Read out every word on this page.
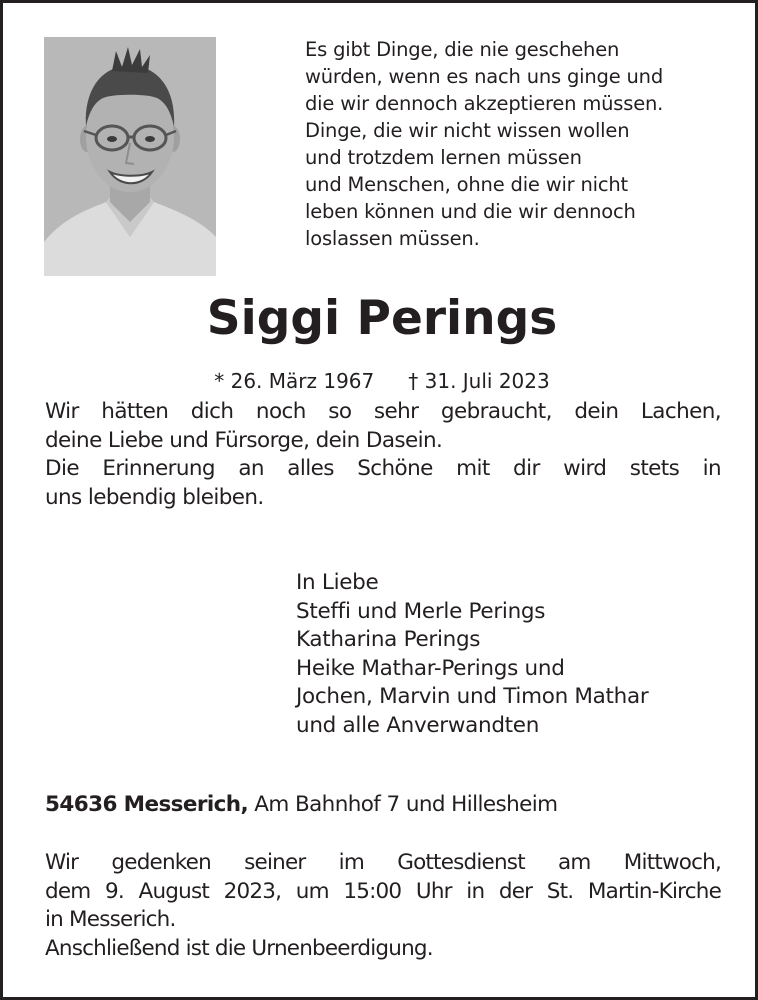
Es gibt Dinge, die nie geschehen
würden, wenn es nach uns ginge und
die wir dennoch akzeptieren müssen.
Dinge, die wir nicht wissen wollen
und trotzdem lernen müssen
und Menschen, ohne die wir nicht
leben können und die wir dennoch
loslassen müssen.
Siggi Perings
* 26. März 1967 † 31. Juli 2023
Wir hätten dich noch so sehr gebraucht, dein Lachen,
deine Liebe und Fürsorge, dein Dasein.
Die Erinnerung an alles Schöne mit dir wird stets in
uns lebendig bleiben.
In Liebe
Steffi und Merle Perings
Katharina Perings
Heike Mathar-Perings und
Jochen, Marvin und Timon Mathar
und alle Anverwandten
54636 Messerich, Am Bahnhof 7 und Hillesheim
Wir gedenken seiner im Gottesdienst am Mittwoch,
dem 9. August 2023, um 15:00 Uhr in der St. Martin-Kirche
in Messerich.
Anschließend ist die Urnenbeerdigung.
